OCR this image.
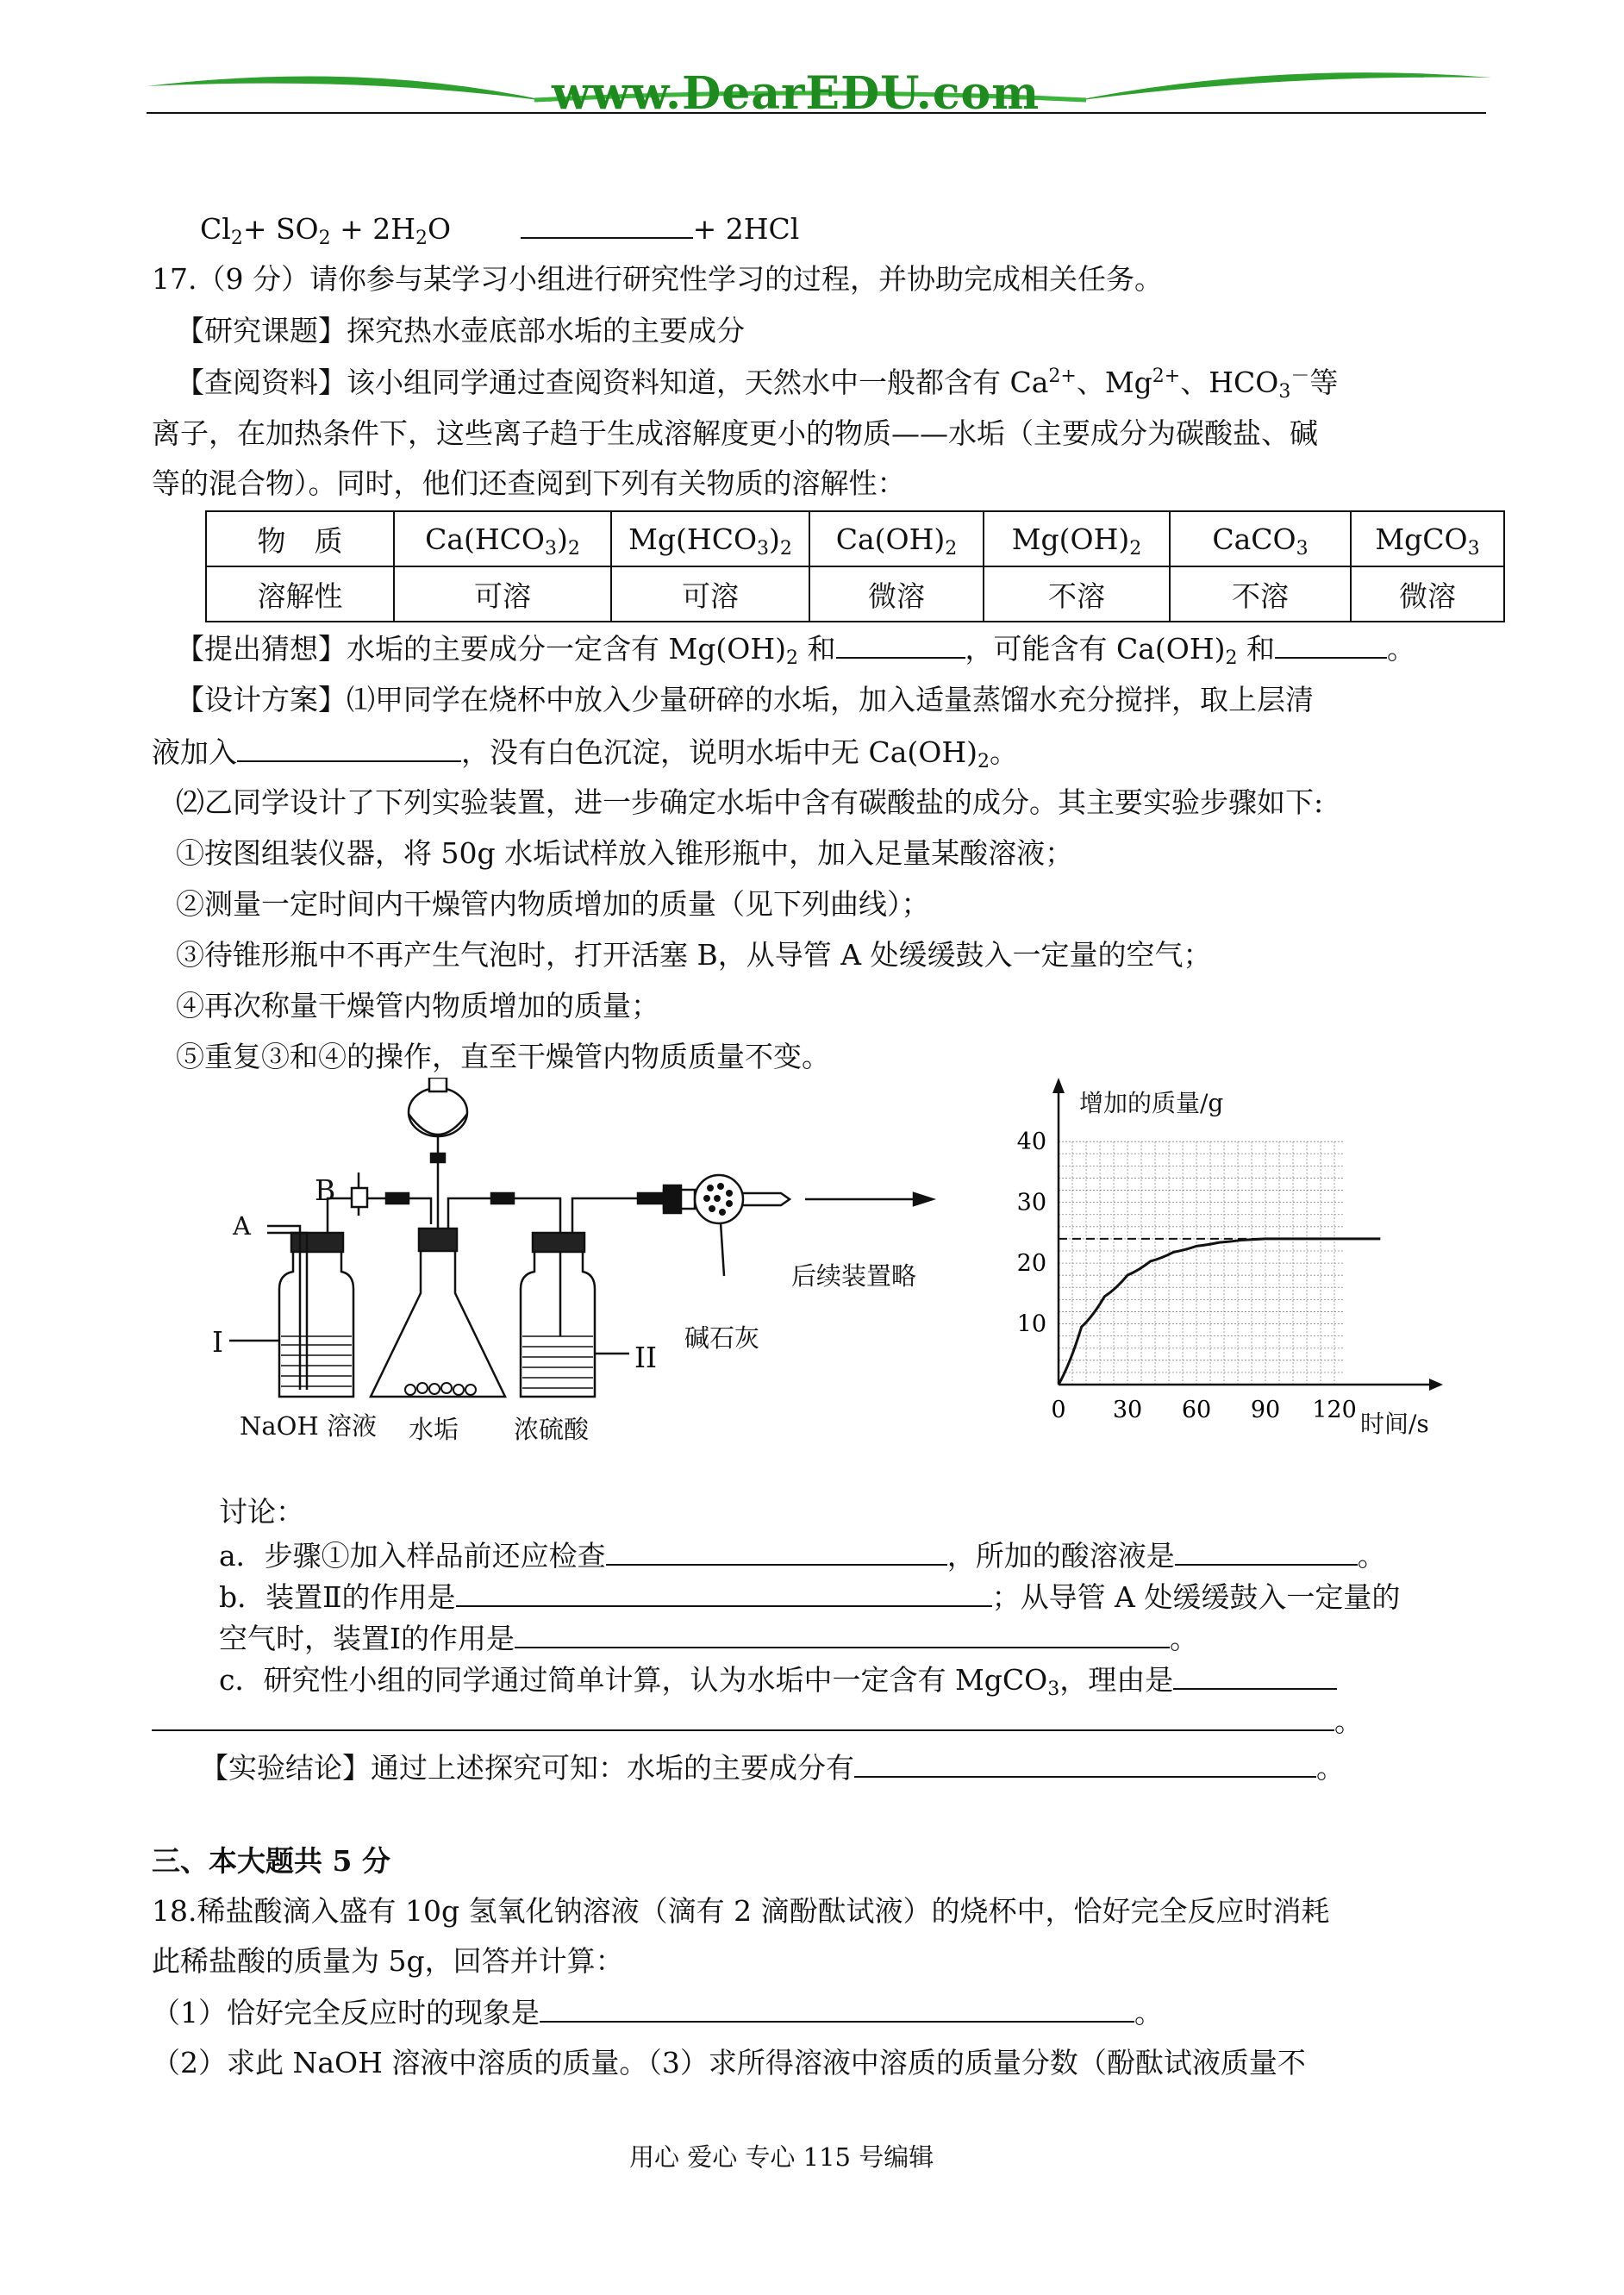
www.DearEDU.com
$Cl_2+ SO_2 + 2H_2O$	+ 2HCl
17.（9 分）请你参与某学习小组进行研究性学习的过程，并协助完成相关任务。
【研究课题】探究热水壶底部水垢的主要成分
【查阅资料】该小组同学通过查阅资料知道，天然水中一般都含有 $Ca^{2+}$、$Mg^{2+}$、$HCO_3^-$等
离子，在加热条件下，这些离子趋于生成溶解度更小的物质——水垢（主要成分为碳酸盐、碱
等的混合物）。同时，他们还查阅到下列有关物质的溶解性：
物　质	$Ca(HCO_3)_2$	$Mg(HCO_3)_2$	$Ca(OH)_2$	$Mg(OH)_2$	CaCO$_3$	MgCO$_3$
溶解性	可溶	可溶	微溶	不溶	不溶	微溶
【提出猜想】水垢的主要成分一定含有 $Mg(OH)_2$ 和	，可能含有 $Ca(OH)_2$ 和	。
【设计方案】⑴甲同学在烧杯中放入少量研碎的水垢，加入适量蒸馏水充分搅拌，取上层清
液加入	，没有白色沉淀，说明水垢中无 $Ca(OH)_2$。
⑵乙同学设计了下列实验装置，进一步确定水垢中含有碳酸盐的成分。其主要实验步骤如下:
①按图组装仪器，将 50g 水垢试样放入锥形瓶中，加入足量某酸溶液；
②测量一定时间内干燥管内物质增加的质量（见下列曲线）；
③待锥形瓶中不再产生气泡时，打开活塞 B，从导管 A 处缓缓鼓入一定量的空气；
④再次称量干燥管内物质增加的质量；
⑤重复③和④的操作，直至干燥管内物质质量不变。
B
A
I	II
NaOH 溶液 水垢 浓硫酸
碱石灰
后续装置略
0 30 60 90 120
10
20
30
40
增加的质量/g
时间/s
讨论：
a．步骤①加入样品前还应检查	，所加的酸溶液是	。
b．装置Ⅱ的作用是	；从导管 A 处缓缓鼓入一定量的
空气时，装置Ⅰ的作用是	。
c．研究性小组的同学通过简单计算，认为水垢中一定含有 MgCO$_3$，理由是
。
【实验结论】通过上述探究可知：水垢的主要成分有	。
三、本大题共 5 分
18.稀盐酸滴入盛有 10g 氢氧化钠溶液（滴有 2 滴酚酞试液）的烧杯中，恰好完全反应时消耗
此稀盐酸的质量为 5g，回答并计算：
（1）恰好完全反应时的现象是	。
（2）求此 NaOH 溶液中溶质的质量。（3）求所得溶液中溶质的质量分数（酚酞试液质量不
用心 爱心 专心 115 号编辑
